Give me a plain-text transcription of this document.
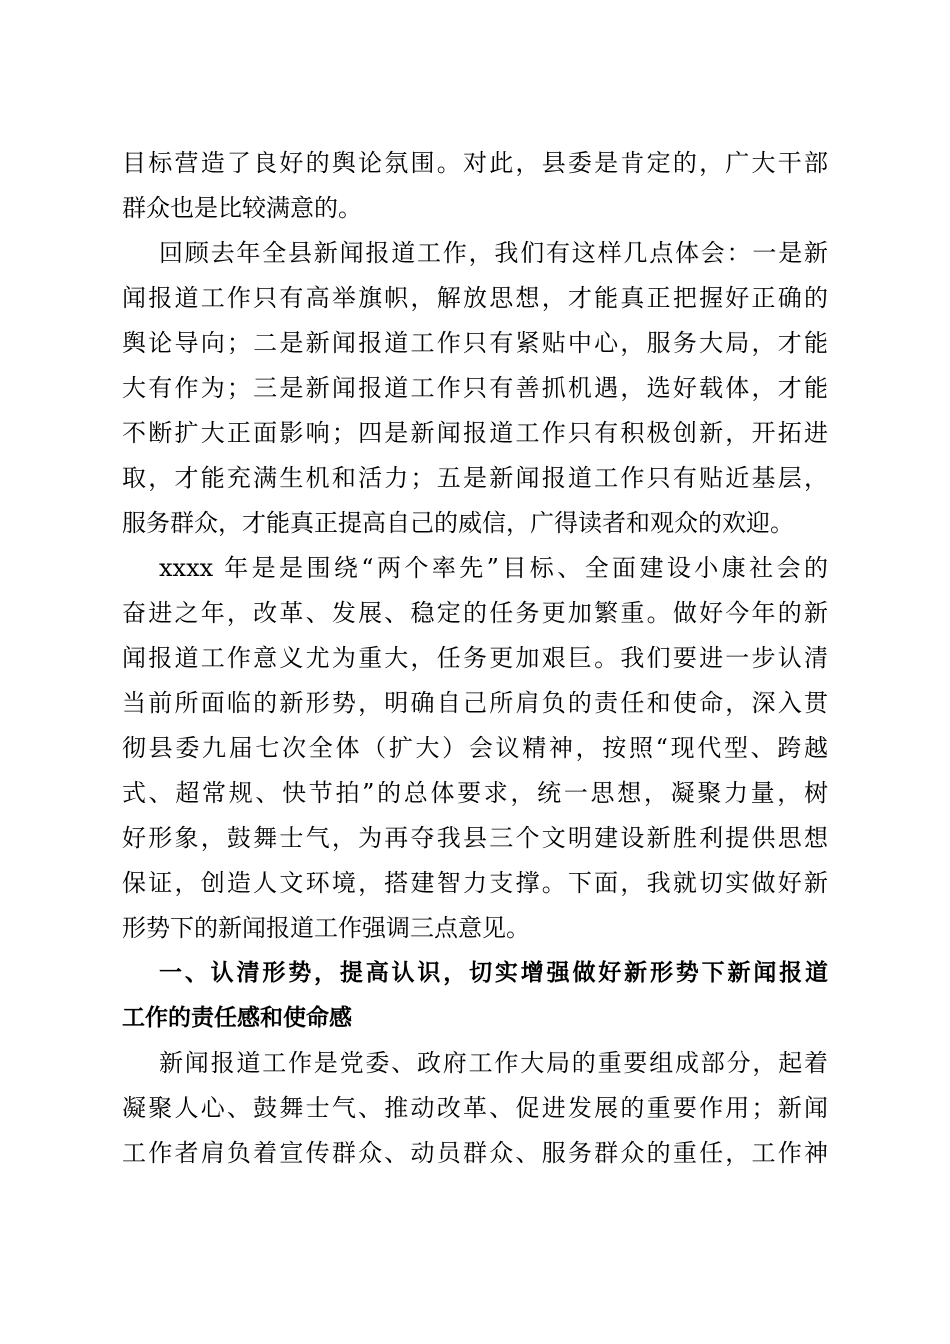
目标营造了良好的舆论氛围。对此，县委是肯定的，广大干部
群众也是比较满意的。
回顾去年全县新闻报道工作，我们有这样几点体会：一是新
闻报道工作只有高举旗帜，解放思想，才能真正把握好正确的
舆论导向；二是新闻报道工作只有紧贴中心，服务大局，才能
大有作为；三是新闻报道工作只有善抓机遇，选好载体，才能
不断扩大正面影响；四是新闻报道工作只有积极创新，开拓进
取，才能充满生机和活力；五是新闻报道工作只有贴近基层，
服务群众，才能真正提高自己的威信，广得读者和观众的欢迎。
xxxx 年是是围绕“两个率先”目标、全面建设小康社会的
奋进之年，改革、发展、稳定的任务更加繁重。做好今年的新
闻报道工作意义尤为重大，任务更加艰巨。我们要进一步认清
当前所面临的新形势，明确自己所肩负的责任和使命，深入贯
彻县委九届七次全体（扩大）会议精神，按照“现代型、跨越
式、超常规、快节拍”的总体要求，统一思想，凝聚力量，树
好形象，鼓舞士气，为再夺我县三个文明建设新胜利提供思想
保证，创造人文环境，搭建智力支撑。下面，我就切实做好新
形势下的新闻报道工作强调三点意见。
一、认清形势，提高认识，切实增强做好新形势下新闻报道
工作的责任感和使命感
新闻报道工作是党委、政府工作大局的重要组成部分，起着
凝聚人心、鼓舞士气、推动改革、促进发展的重要作用；新闻
工作者肩负着宣传群众、动员群众、服务群众的重任，工作神
